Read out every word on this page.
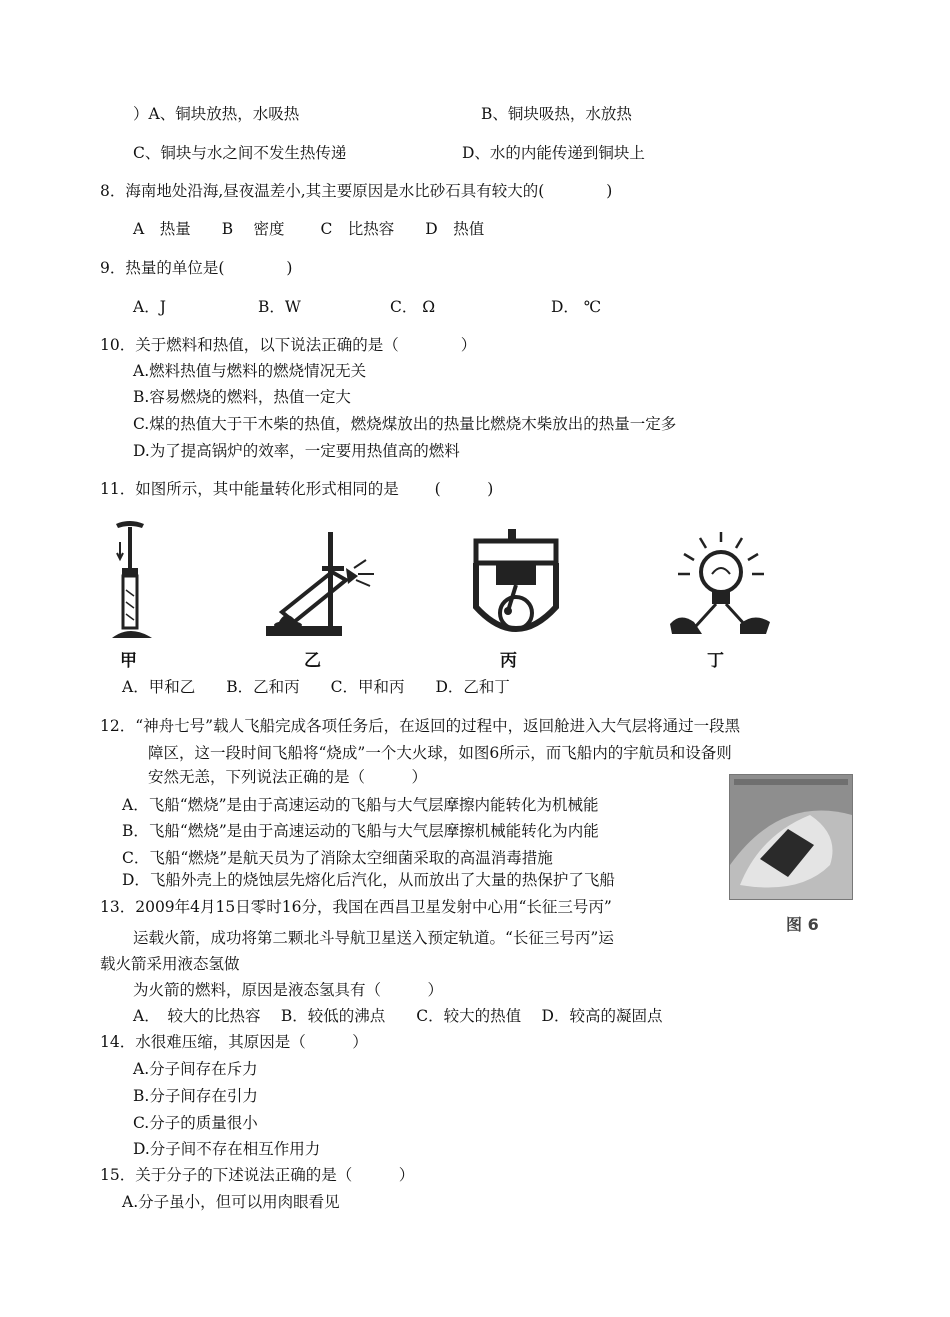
）A、铜块放热，水吸热	B、铜块吸热，水放热
C、铜块与水之间不发生热传递	D、水的内能传递到铜块上
8．海南地处沿海,昼夜温差小,其主要原因是水比砂石具有较大的(　　　　)
A　热量　　B　 密度　　 C　比热容　　D　热值
9．热量的单位是(　　　　)
A．J	B．W	C． Ω	D． ℃
10．关于燃料和热值，以下说法正确的是（　　　　）
A.燃料热值与燃料的燃烧情况无关
B.容易燃烧的燃料，热值一定大
C.煤的热值大于干木柴的热值，燃烧煤放出的热量比燃烧木柴放出的热量一定多
D.为了提高锅炉的效率，一定要用热值高的燃料
11．如图所示，其中能量转化形式相同的是　　 (　　　)
甲	乙	丙	丁
A．甲和乙　　B．乙和丙　　C．甲和丙　　D．乙和丁
12．“神舟七号”载人飞船完成各项任务后，在返回的过程中，返回舱进入大气层将通过一段黑
障区，这一段时间飞船将“烧成”一个大火球，如图6所示，而飞船内的宇航员和设备则
安然无恙，下列说法正确的是（　　　）
A．飞船“燃烧”是由于高速运动的飞船与大气层摩擦内能转化为机械能
B．飞船“燃烧”是由于高速运动的飞船与大气层摩擦机械能转化为内能
C．飞船“燃烧”是航天员为了消除太空细菌采取的高温消毒措施
D．飞船外壳上的烧蚀层先熔化后汽化，从而放出了大量的热保护了飞船
图 6
13．2009年4月15日零时16分，我国在西昌卫星发射中心用“长征三号丙”
运载火箭，成功将第二颗北斗导航卫星送入预定轨道。“长征三号丙”运
载火箭采用液态氢做
为火箭的燃料，原因是液态氢具有（　　　）
A．　较大的比热容　 B．较低的沸点　　C．较大的热值　 D．较高的凝固点
14．水很难压缩，其原因是（　　　）
A.分子间存在斥力
B.分子间存在引力
C.分子的质量很小
D.分子间不存在相互作用力
15．关于分子的下述说法正确的是（　　　）
A.分子虽小，但可以用肉眼看见
